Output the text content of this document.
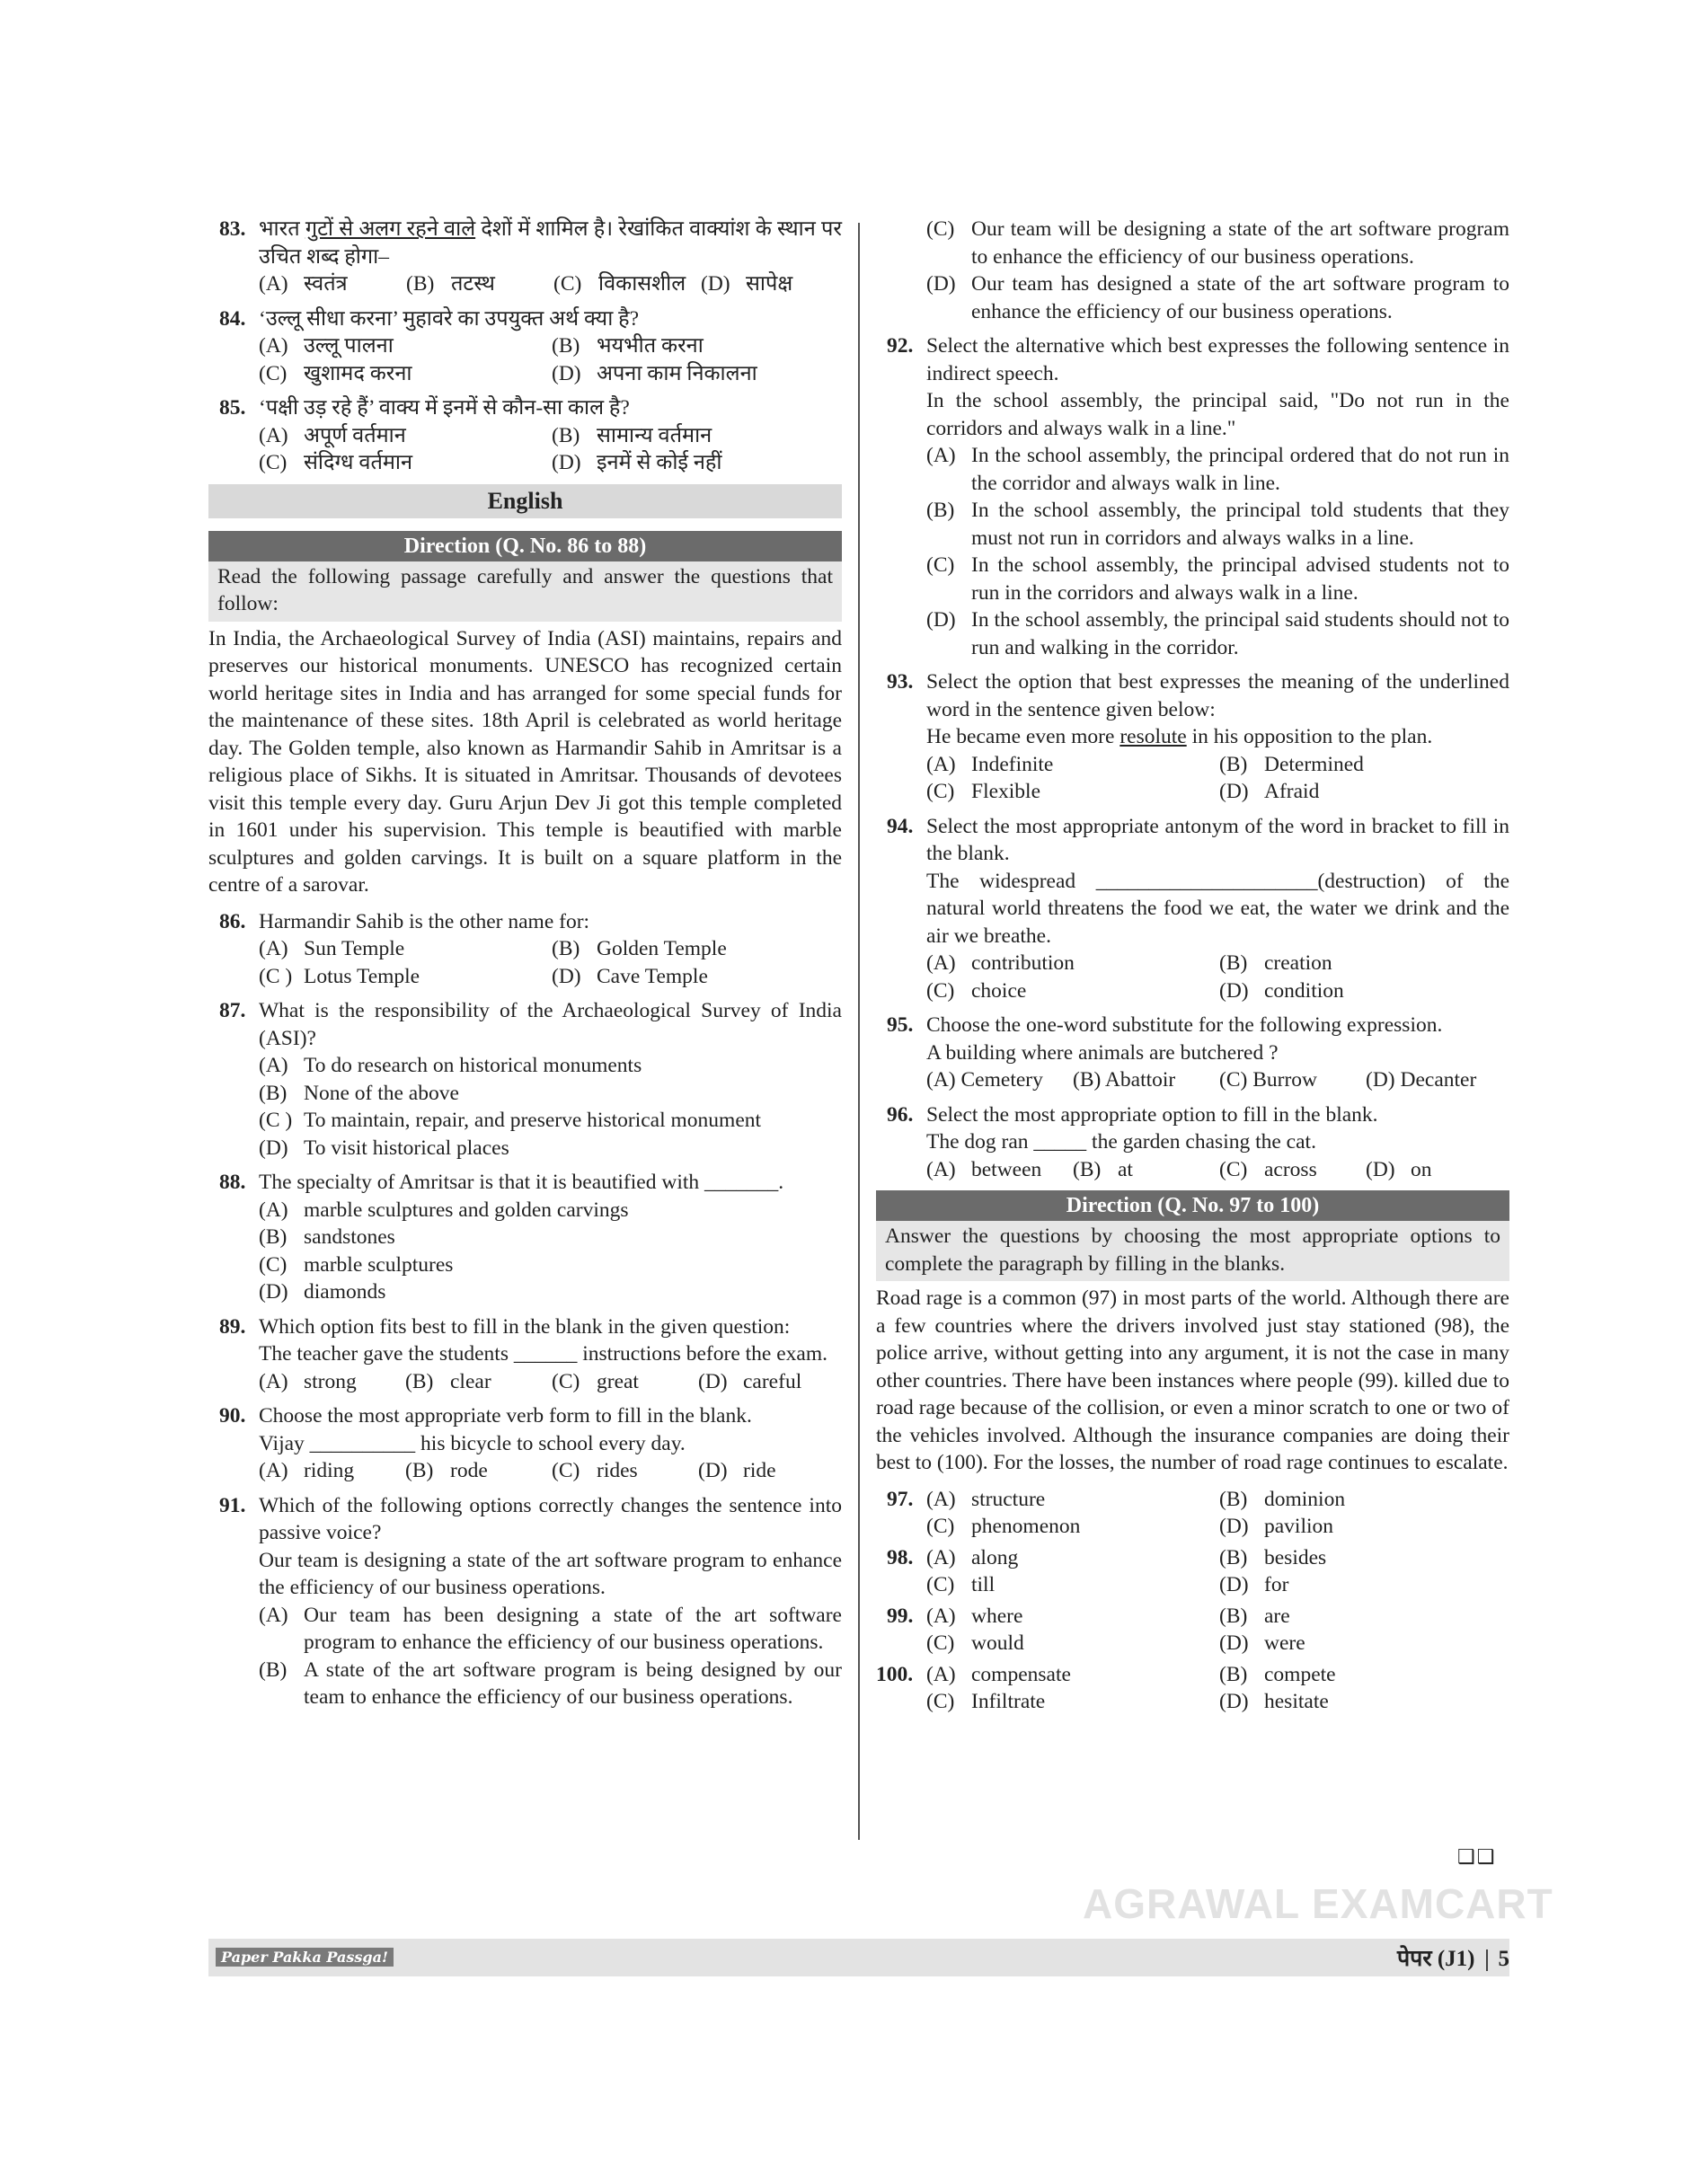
83. भारत गुटों से अलग रहने वाले देशों में शामिल है। रेखांकित वाक्यांश के स्थान पर उचित शब्द होगा–
(A) स्वतंत्र	(B) तटस्थ	(C) विकासशील (D) सापेक्ष
84. ‘उल्लू सीधा करना’ मुहावरे का उपयुक्त अर्थ क्या है?
(A) उल्लू पालना	(B) भयभीत करना
(C) खुशामद करना	(D) अपना काम निकालना
85. ‘पक्षी उड़ रहे हैं’ वाक्य में इनमें से कौन-सा काल है?
(A) अपूर्ण वर्तमान	(B) सामान्य वर्तमान
(C) संदिग्ध वर्तमान	(D) इनमें से कोई नहीं
English
Direction (Q. No. 86 to 88)
Read the following passage carefully and answer the questions that follow:
In India, the Archaeological Survey of India (ASI) maintains, repairs and preserves our historical monuments. UNESCO has recognized certain world heritage sites in India and has arranged for some special funds for the maintenance of these sites. 18th April is celebrated as world heritage day. The Golden temple, also known as Harmandir Sahib in Amritsar is a religious place of Sikhs. It is situated in Amritsar. Thousands of devotees visit this temple every day. Guru Arjun Dev Ji got this temple completed in 1601 under his supervision. This temple is beautified with marble sculptures and golden carvings. It is built on a square platform in the centre of a sarovar.
86. Harmandir Sahib is the other name for:
(A) Sun Temple	(B) Golden Temple
(C ) Lotus Temple	(D) Cave Temple
87. What is the responsibility of the Archaeological Survey of India (ASI)?
(A) To do research on historical monuments
(B) None of the above
(C ) To maintain, repair, and preserve historical monument
(D) To visit historical places
88. The specialty of Amritsar is that it is beautified with _______.
(A) marble sculptures and golden carvings
(B) sandstones
(C) marble sculptures
(D) diamonds
89. Which option fits best to fill in the blank in the given question:
The teacher gave the students ______ instructions before the exam.
(A) strong	(B) clear	(C) great	(D) careful
90. Choose the most appropriate verb form to fill in the blank.
Vijay __________ his bicycle to school every day.
(A) riding	(B) rode	(C) rides	(D) ride
91. Which of the following options correctly changes the sentence into passive voice?
Our team is designing a state of the art software program to enhance the efficiency of our business operations.
(A) Our team has been designing a state of the art software program to enhance the efficiency of our business operations.
(B) A state of the art software program is being designed by our team to enhance the efficiency of our business operations.
(C) Our team will be designing a state of the art software program to enhance the efficiency of our business operations.
(D) Our team has designed a state of the art software program to enhance the efficiency of our business operations.
92. Select the alternative which best expresses the following sentence in indirect speech.
In the school assembly, the principal said, "Do not run in the corridors and always walk in a line."
(A) In the school assembly, the principal ordered that do not run in the corridor and always walk in line.
(B) In the school assembly, the principal told students that they must not run in corridors and always walks in a line.
(C) In the school assembly, the principal advised students not to run in the corridors and always walk in a line.
(D) In the school assembly, the principal said students should not to run and walking in the corridor.
93. Select the option that best expresses the meaning of the underlined word in the sentence given below:
He became even more resolute in his opposition to the plan.
(A) Indefinite	(B) Determined
(C) Flexible	(D) Afraid
94. Select the most appropriate antonym of the word in bracket to fill in the blank.
The widespread _____________________(destruction) of the natural world threatens the food we eat, the water we drink and the air we breathe.
(A) contribution	(B) creation
(C) choice	(D) condition
95. Choose the one-word substitute for the following expression.
A building where animals are butchered ?
(A) Cemetery	(B) Abattoir	(C) Burrow	(D) Decanter
96. Select the most appropriate option to fill in the blank.
The dog ran _____ the garden chasing the cat.
(A) between	(B) at	(C) across	(D) on
Direction (Q. No. 97 to 100)
Answer the questions by choosing the most appropriate options to complete the paragraph by filling in the blanks.
Road rage is a common (97) in most parts of the world. Although there are a few countries where the drivers involved just stay stationed (98), the police arrive, without getting into any argument, it is not the case in many other countries. There have been instances where people (99). killed due to road rage because of the collision, or even a minor scratch to one or two of the vehicles involved. Although the insurance companies are doing their best to (100). For the losses, the number of road rage continues to escalate.
97. (A) structure	(B) dominion
(C) phenomenon	(D) pavilion
98. (A) along	(B) besides
(C) till	(D) for
99. (A) where	(B) are
(C) would	(D) were
100. (A) compensate	(B) compete
(C) Infiltrate	(D) hesitate
❑❑
AGRAWAL EXAMCART
Paper Pakka Pass​ga!	पेपर (J1) 5
